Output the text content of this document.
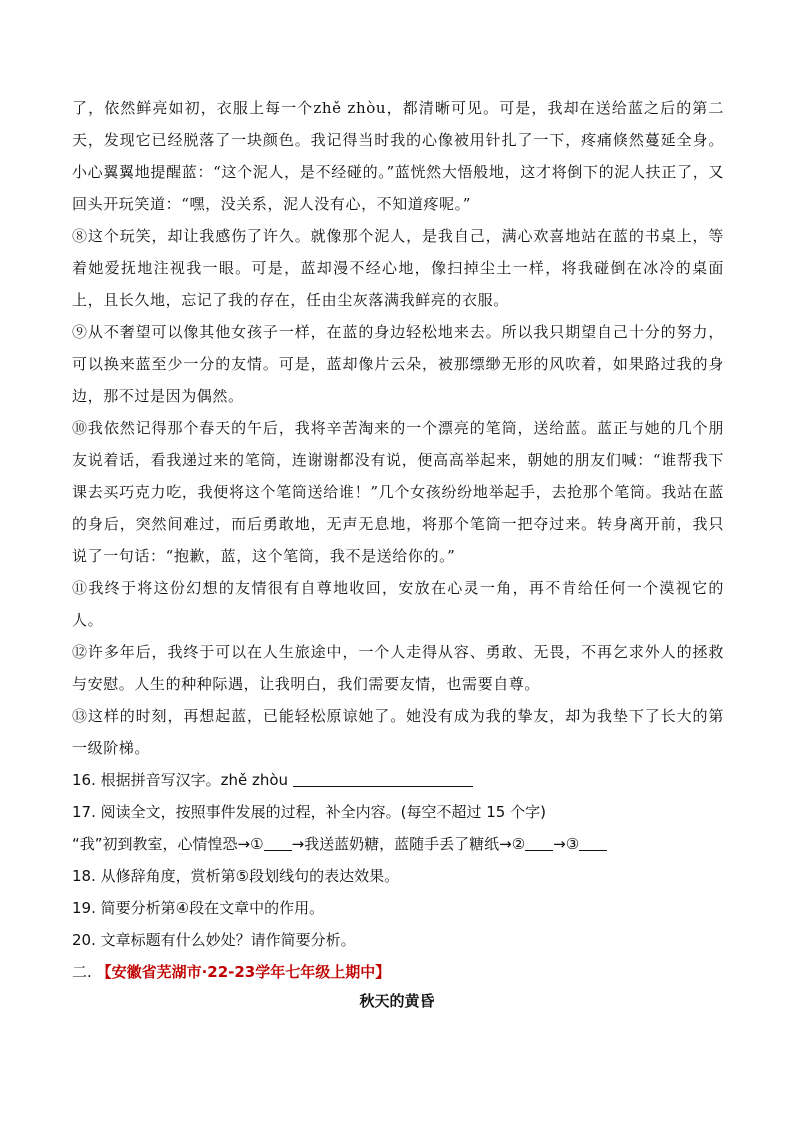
了，依然鲜亮如初，衣服上每一个zhě zhòu，都清晰可见。可是，我却在送给蓝之后的第二天，发现它已经脱落了一块颜色。我记得当时我的心像被用针扎了一下，疼痛倏然蔓延全身。小心翼翼地提醒蓝：“这个泥人，是不经碰的。”蓝恍然大悟般地，这才将倒下的泥人扶正了，又回头开玩笑道：“嘿，没关系，泥人没有心，不知道疼呢。”

⑧这个玩笑，却让我感伤了许久。就像那个泥人，是我自己，满心欢喜地站在蓝的书桌上，等着她爱抚地注视我一眼。可是，蓝却漫不经心地，像扫掉尘土一样，将我碰倒在冰冷的桌面上，且长久地，忘记了我的存在，任由尘灰落满我鲜亮的衣服。

⑨从不奢望可以像其他女孩子一样，在蓝的身边轻松地来去。所以我只期望自己十分的努力，可以换来蓝至少一分的友情。可是，蓝却像片云朵，被那缥缈无形的风吹着，如果路过我的身边，那不过是因为偶然。

⑩我依然记得那个春天的午后，我将辛苦淘来的一个漂亮的笔筒，送给蓝。蓝正与她的几个朋友说着话，看我递过来的笔筒，连谢谢都没有说，便高高举起来，朝她的朋友们喊：“谁帮我下课去买巧克力吃，我便将这个笔筒送给谁！”几个女孩纷纷地举起手，去抢那个笔筒。我站在蓝的身后，突然间难过，而后勇敢地，无声无息地，将那个笔筒一把夺过来。转身离开前，我只说了一句话：“抱歉，蓝，这个笔筒，我不是送给你的。”

⑪我终于将这份幻想的友情很有自尊地收回，安放在心灵一角，再不肯给任何一个漠视它的人。

⑫许多年后，我终于可以在人生旅途中，一个人走得从容、勇敢、无畏，不再乞求外人的拯救与安慰。人生的种种际遇，让我明白，我们需要友情，也需要自尊。

⑬这样的时刻，再想起蓝，已能轻松原谅她了。她没有成为我的挚友，却为我垫下了长大的第一级阶梯。

16. 根据拼音写汉字。zhě zhòu

17. 阅读全文，按照事件发展的过程，补全内容。(每空不超过 15 个字)

“我”初到教室，心情惶恐→① →我送蓝奶糖，蓝随手丢了糖纸→② →③

18. 从修辞角度，赏析第⑤段划线句的表达效果。

19. 简要分析第④段在文章中的作用。

20. 文章标题有什么妙处？请作简要分析。

二. 【安徽省芜湖市·22-23学年七年级上期中】

秋天的黄昏
